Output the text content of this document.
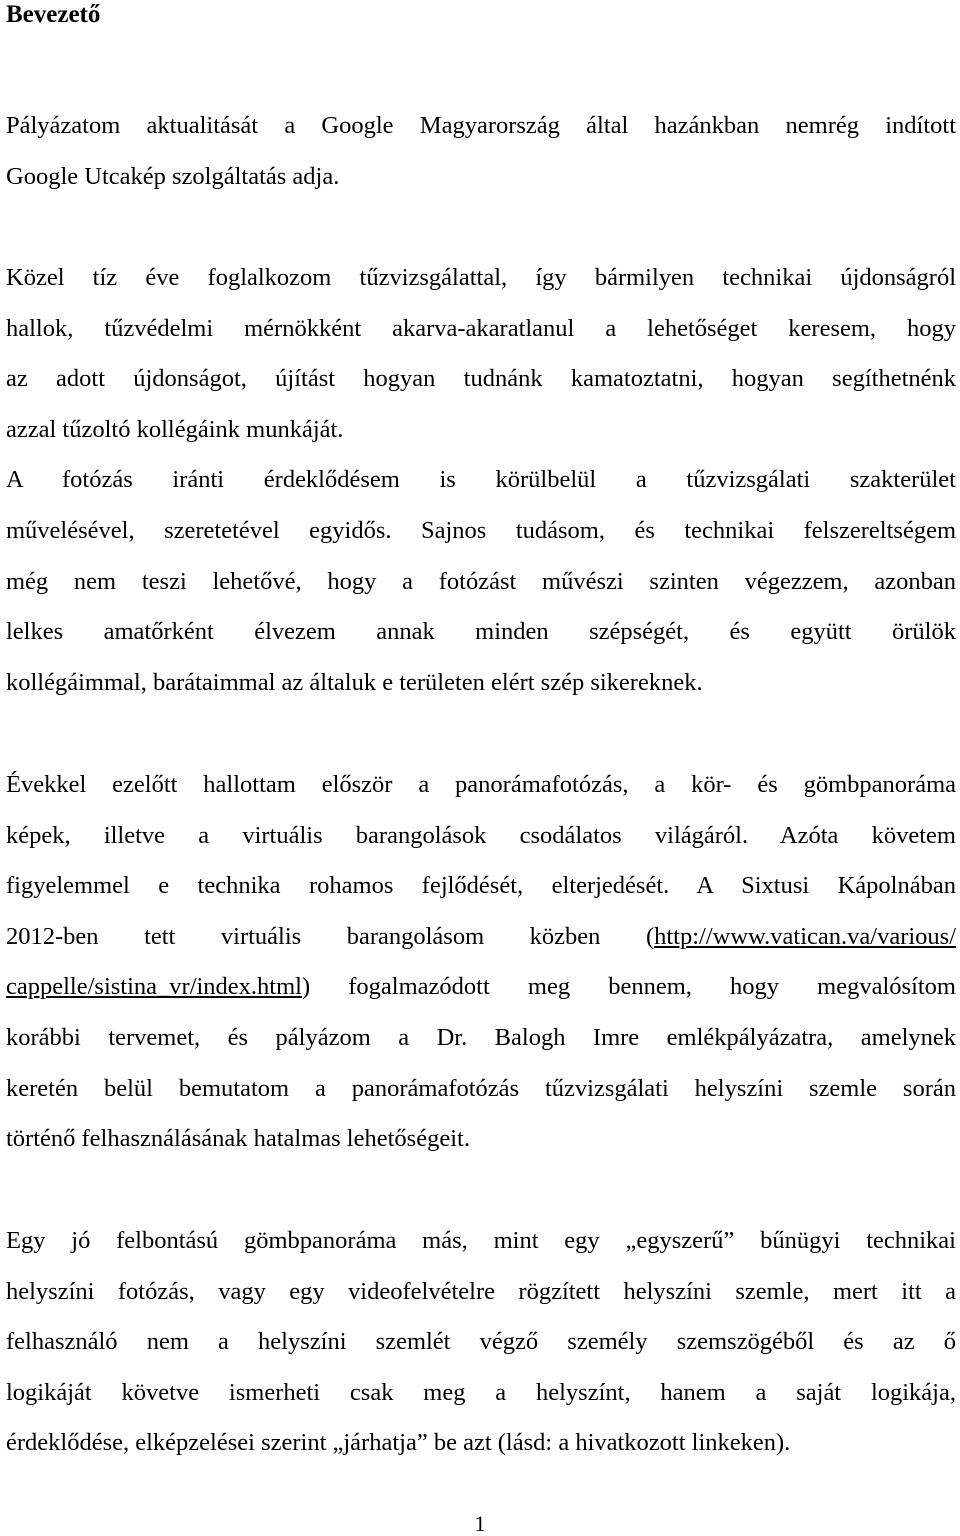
Bevezető
Pályázatom aktualitását a Google Magyarország által hazánkban nemrég indított
Google Utcakép szolgáltatás adja.
Közel tíz éve foglalkozom tűzvizsgálattal, így bármilyen technikai újdonságról
hallok, tűzvédelmi mérnökként akarva-akaratlanul a lehetőséget keresem, hogy
az adott újdonságot, újítást hogyan tudnánk kamatoztatni, hogyan segíthetnénk
azzal tűzoltó kollégáink munkáját.
A fotózás iránti érdeklődésem is körülbelül a tűzvizsgálati szakterület
művelésével, szeretetével egyidős. Sajnos tudásom, és technikai felszereltségem
még nem teszi lehetővé, hogy a fotózást művészi szinten végezzem, azonban
lelkes amatőrként élvezem annak minden szépségét, és együtt örülök
kollégáimmal, barátaimmal az általuk e területen elért szép sikereknek.
Évekkel ezelőtt hallottam először a panorámafotózás, a kör- és gömbpanoráma
képek, illetve a virtuális barangolások csodálatos világáról. Azóta követem
figyelemmel e technika rohamos fejlődését, elterjedését. A Sixtusi Kápolnában
2012-ben tett virtuális barangolásom közben (http://www.vatican.va/various/
cappelle/sistina_vr/index.html) fogalmazódott meg bennem, hogy megvalósítom
korábbi tervemet, és pályázom a Dr. Balogh Imre emlékpályázatra, amelynek
keretén belül bemutatom a panorámafotózás tűzvizsgálati helyszíni szemle során
történő felhasználásának hatalmas lehetőségeit.
Egy jó felbontású gömbpanoráma más, mint egy „egyszerű” bűnügyi technikai
helyszíni fotózás, vagy egy videofelvételre rögzített helyszíni szemle, mert itt a
felhasználó nem a helyszíni szemlét végző személy szemszögéből és az ő
logikáját követve ismerheti csak meg a helyszínt, hanem a saját logikája,
érdeklődése, elképzelései szerint „járhatja” be azt (lásd: a hivatkozott linkeken).
1
